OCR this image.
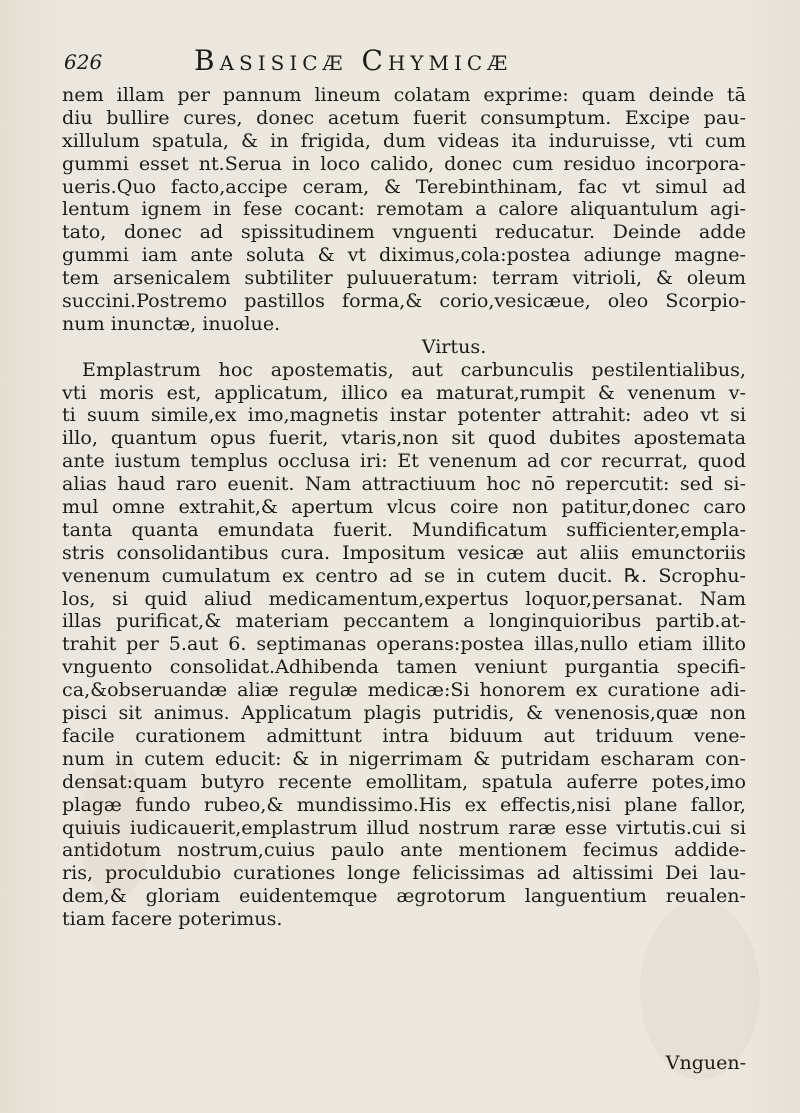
626	Basisicæ Chymicæ
nem illam per pannum lineum colatam exprime: quam deinde tā
diu bullire cures, donec acetum fuerit consumptum. Excipe pau-
xillulum spatula, & in frigida, dum videas ita induruisse, vti cum
gummi esset nt.Serua in loco calido, donec cum residuo incorpora-
ueris.Quo facto,accipe ceram, & Terebinthinam, fac vt simul ad
lentum ignem in fese cocant: remotam a calore aliquantulum agi-
tato, donec ad spissitudinem vnguenti reducatur. Deinde adde
gummi iam ante soluta & vt diximus,cola:postea adiunge magne-
tem arsenicalem subtiliter puluueratum: terram vitrioli, & oleum
succini.Postremo pastillos forma,& corio,vesicæue, oleo Scorpio-
num inunctæ, inuolue.
Virtus.
Emplastrum hoc apostematis, aut carbunculis pestilentialibus,
vti moris est, applicatum, illico ea maturat,rumpit & venenum v-
ti suum simile,ex imo,magnetis instar potenter attrahit: adeo vt si
illo, quantum opus fuerit, vtaris,non sit quod dubites apostemata
ante iustum templus occlusa iri: Et venenum ad cor recurrat, quod
alias haud raro euenit. Nam attractiuum hoc nō repercutit: sed si-
mul omne extrahit,& apertum vlcus coire non patitur,donec caro
tanta quanta emundata fuerit. Mundificatum sufficienter,empla-
stris consolidantibus cura. Impositum vesicæ aut aliis emunctoriis
venenum cumulatum ex centro ad se in cutem ducit. ℞. Scrophu-
los, si quid aliud medicamentum,expertus loquor,persanat. Nam
illas purificat,& materiam peccantem a longinquioribus partib.at-
trahit per 5.aut 6. septimanas operans:postea illas,nullo etiam illito
vnguento consolidat.Adhibenda tamen veniunt purgantia specifi-
ca,&obseruandæ aliæ regulæ medicæ:Si honorem ex curatione adi-
pisci sit animus. Applicatum plagis putridis, & venenosis,quæ non
facile curationem admittunt intra biduum aut triduum vene-
num in cutem educit: & in nigerrimam & putridam escharam con-
densat:quam butyro recente emollitam, spatula auferre potes,imo
plagæ fundo rubeo,& mundissimo.His ex effectis,nisi plane fallor,
quiuis iudicauerit,emplastrum illud nostrum raræ esse virtutis.cui si
antidotum nostrum,cuius paulo ante mentionem fecimus addide-
ris, proculdubio curationes longe felicissimas ad altissimi Dei lau-
dem,& gloriam euidentemque ægrotorum languentium reualen-
tiam facere poterimus.
Vnguen-
